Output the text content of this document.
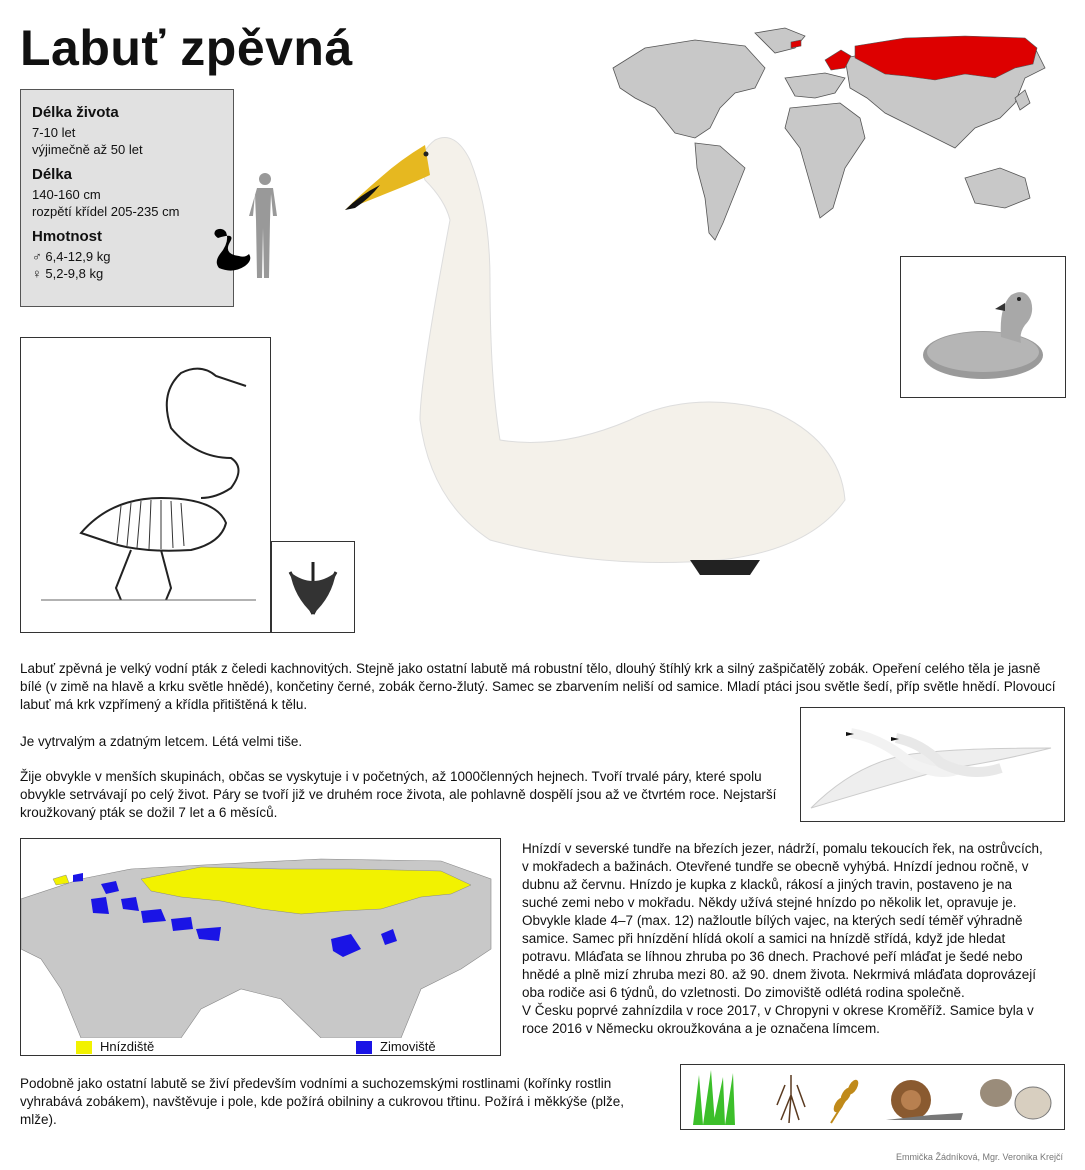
Labuť zpěvná
Délka života
7-10 let
výjimečně až 50 let
Délka
140-160 cm
rozpětí křídel 205-235 cm
Hmotnost
♂ 6,4-12,9 kg
♀ 5,2-9,8 kg
Labuť zpěvná je velký vodní pták z čeledi kachnovitých. Stejně jako ostatní labutě má robustní tělo, dlouhý štíhlý krk a silný zašpičatělý zobák. Opeření celého těla je jasně bílé (v zimě na hlavě a krku světle hnědé), končetiny černé, zobák černo-žlutý. Samec se zbarvením neliší od samice. Mladí ptáci jsou světle šedí, příp světle hnědí. Plovoucí labuť má krk vzpřímený a křídla přitištěná k tělu.
Je vytrvalým a zdatným letcem. Létá velmi tiše.
Žije obvykle v menších skupinách, občas se vyskytuje i v početných, až 1000členných hejnech. Tvoří trvalé páry, které spolu obvykle setrvávají po celý život. Páry se tvoří již ve druhém roce života, ale pohlavně dospělí jsou až ve čtvrtém roce. Nejstarší kroužkovaný pták se dožil 7 let a 6 měsíců.
Hnízdiště	Zimoviště
Hnízdí v severské tundře na březích jezer, nádrží, pomalu tekoucích řek, na ostrůvcích, v mokřadech a bažinách. Otevřené tundře se obecně vyhýbá. Hnízdí jednou ročně, v dubnu až červnu. Hnízdo je kupka z klacků, rákosí a jiných travin, postaveno je na suché zemi nebo v mokřadu. Někdy užívá stejné hnízdo po několik let, opravuje je. Obvykle klade 4–7 (max. 12) nažloutle bílých vajec, na kterých sedí téměř výhradně samice. Samec při hnízdění hlídá okolí a samici na hnízdě střídá, když jde hledat potravu. Mláďata se líhnou zhruba po 36 dnech. Prachové peří mláďat je šedé nebo hnědé a plně mizí zhruba mezi 80. až 90. dnem života. Nekrmivá mláďata doprovázejí oba rodiče asi 6 týdnů, do vzletnosti. Do zimoviště odlétá rodina společně.
V Česku poprvé zahnízdila v roce 2017, v Chropyni v okrese Kroměříž. Samice byla v roce 2016 v Německu okroužkována a je označena límcem.
Podobně jako ostatní labutě se živí především vodními a suchozemskými rostlinami (kořínky rostlin vyhrabává zobákem), navštěvuje i pole, kde požírá obilniny a cukrovou třtinu. Požírá i měkkýše (plže, mlže).
Emmička Žádníková, Mgr. Veronika Krejčí
